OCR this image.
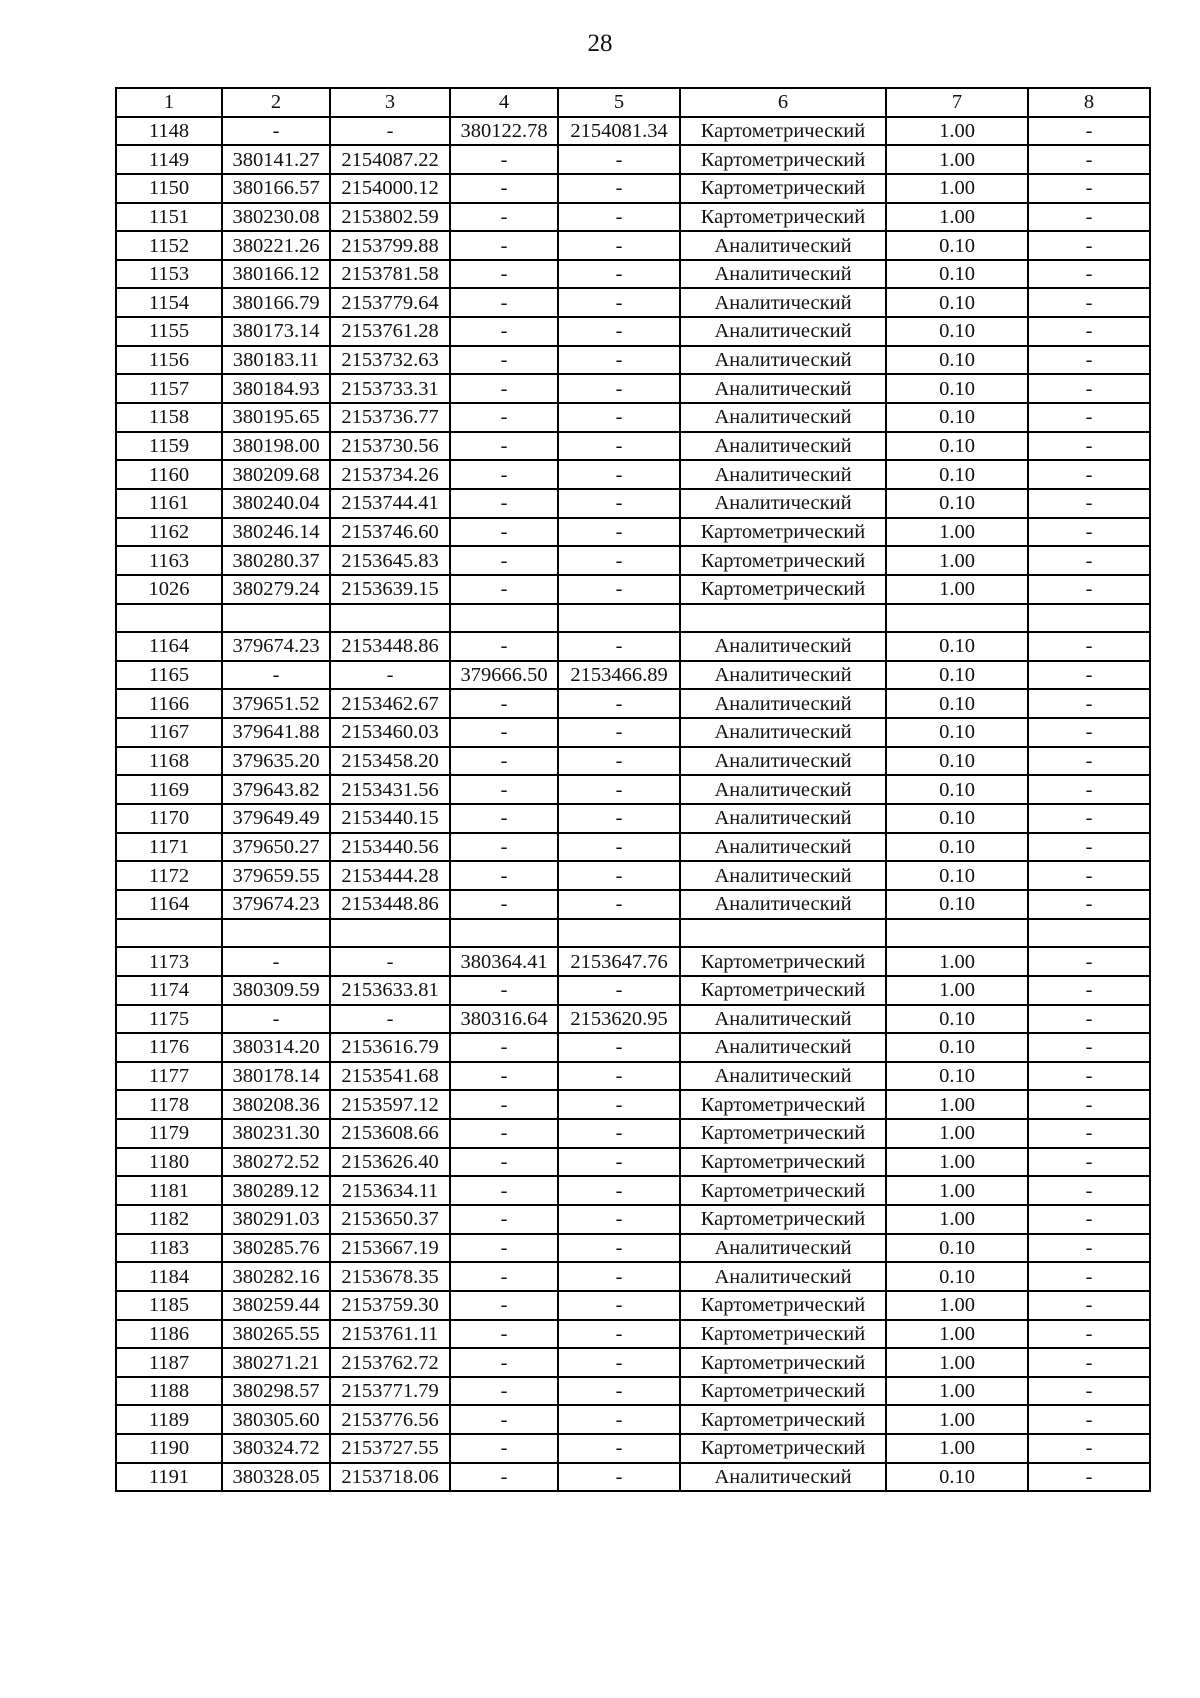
28
1	2	3	4	5	6	7	8
1148	-	-	380122.78	2154081.34	Картометрический	1.00	-
1149	380141.27	2154087.22	-	-	Картометрический	1.00	-
1150	380166.57	2154000.12	-	-	Картометрический	1.00	-
1151	380230.08	2153802.59	-	-	Картометрический	1.00	-
1152	380221.26	2153799.88	-	-	Аналитический	0.10	-
1153	380166.12	2153781.58	-	-	Аналитический	0.10	-
1154	380166.79	2153779.64	-	-	Аналитический	0.10	-
1155	380173.14	2153761.28	-	-	Аналитический	0.10	-
1156	380183.11	2153732.63	-	-	Аналитический	0.10	-
1157	380184.93	2153733.31	-	-	Аналитический	0.10	-
1158	380195.65	2153736.77	-	-	Аналитический	0.10	-
1159	380198.00	2153730.56	-	-	Аналитический	0.10	-
1160	380209.68	2153734.26	-	-	Аналитический	0.10	-
1161	380240.04	2153744.41	-	-	Аналитический	0.10	-
1162	380246.14	2153746.60	-	-	Картометрический	1.00	-
1163	380280.37	2153645.83	-	-	Картометрический	1.00	-
1026	380279.24	2153639.15	-	-	Картометрический	1.00	-

1164	379674.23	2153448.86	-	-	Аналитический	0.10	-
1165	-	-	379666.50	2153466.89	Аналитический	0.10	-
1166	379651.52	2153462.67	-	-	Аналитический	0.10	-
1167	379641.88	2153460.03	-	-	Аналитический	0.10	-
1168	379635.20	2153458.20	-	-	Аналитический	0.10	-
1169	379643.82	2153431.56	-	-	Аналитический	0.10	-
1170	379649.49	2153440.15	-	-	Аналитический	0.10	-
1171	379650.27	2153440.56	-	-	Аналитический	0.10	-
1172	379659.55	2153444.28	-	-	Аналитический	0.10	-
1164	379674.23	2153448.86	-	-	Аналитический	0.10	-

1173	-	-	380364.41	2153647.76	Картометрический	1.00	-
1174	380309.59	2153633.81	-	-	Картометрический	1.00	-
1175	-	-	380316.64	2153620.95	Аналитический	0.10	-
1176	380314.20	2153616.79	-	-	Аналитический	0.10	-
1177	380178.14	2153541.68	-	-	Аналитический	0.10	-
1178	380208.36	2153597.12	-	-	Картометрический	1.00	-
1179	380231.30	2153608.66	-	-	Картометрический	1.00	-
1180	380272.52	2153626.40	-	-	Картометрический	1.00	-
1181	380289.12	2153634.11	-	-	Картометрический	1.00	-
1182	380291.03	2153650.37	-	-	Картометрический	1.00	-
1183	380285.76	2153667.19	-	-	Аналитический	0.10	-
1184	380282.16	2153678.35	-	-	Аналитический	0.10	-
1185	380259.44	2153759.30	-	-	Картометрический	1.00	-
1186	380265.55	2153761.11	-	-	Картометрический	1.00	-
1187	380271.21	2153762.72	-	-	Картометрический	1.00	-
1188	380298.57	2153771.79	-	-	Картометрический	1.00	-
1189	380305.60	2153776.56	-	-	Картометрический	1.00	-
1190	380324.72	2153727.55	-	-	Картометрический	1.00	-
1191	380328.05	2153718.06	-	-	Аналитический	0.10	-
